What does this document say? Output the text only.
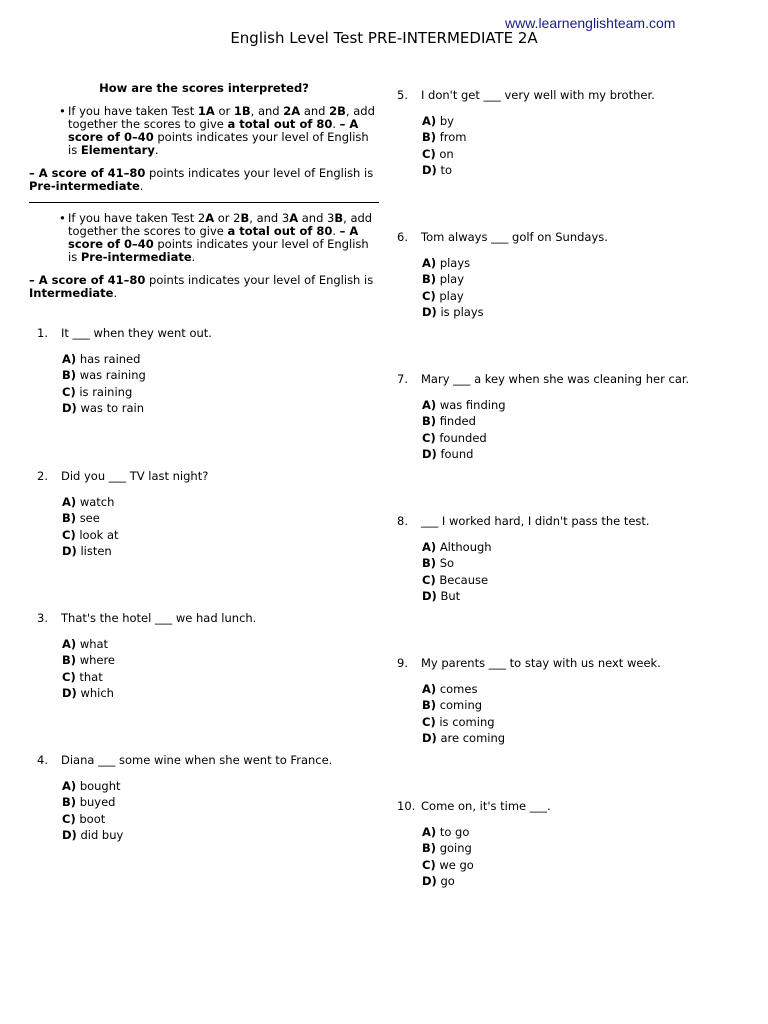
www.learnenglishteam.com
English Level Test PRE-INTERMEDIATE 2A

How are the scores interpreted?

• If you have taken Test 1A or 1B, and 2A and 2B, add together the scores to give a total out of 80. – A score of 0–40 points indicates your level of English is Elementary.

– A score of 41–80 points indicates your level of English is Pre-intermediate.

• If you have taken Test 2A or 2B, and 3A and 3B, add together the scores to give a total out of 80. – A score of 0–40 points indicates your level of English is Pre-intermediate.

– A score of 41–80 points indicates your level of English is Intermediate.

1. It ___ when they went out.
A) has rained
B) was raining
C) is raining
D) was to rain
2. Did you ___ TV last night?
A) watch
B) see
C) look at
D) listen
3. That's the hotel ___ we had lunch.
A) what
B) where
C) that
D) which
4. Diana ___ some wine when she went to France.
A) bought
B) buyed
C) boot
D) did buy
5. I don't get ___ very well with my brother.
A) by
B) from
C) on
D) to
6. Tom always ___ golf on Sundays.
A) plays
B) play
C) play
D) is plays
7. Mary ___ a key when she was cleaning her car.
A) was finding
B) finded
C) founded
D) found
8. ___ I worked hard, I didn't pass the test.
A) Although
B) So
C) Because
D) But
9. My parents ___ to stay with us next week.
A) comes
B) coming
C) is coming
D) are coming
10. Come on, it's time ___.
A) to go
B) going
C) we go
D) go
